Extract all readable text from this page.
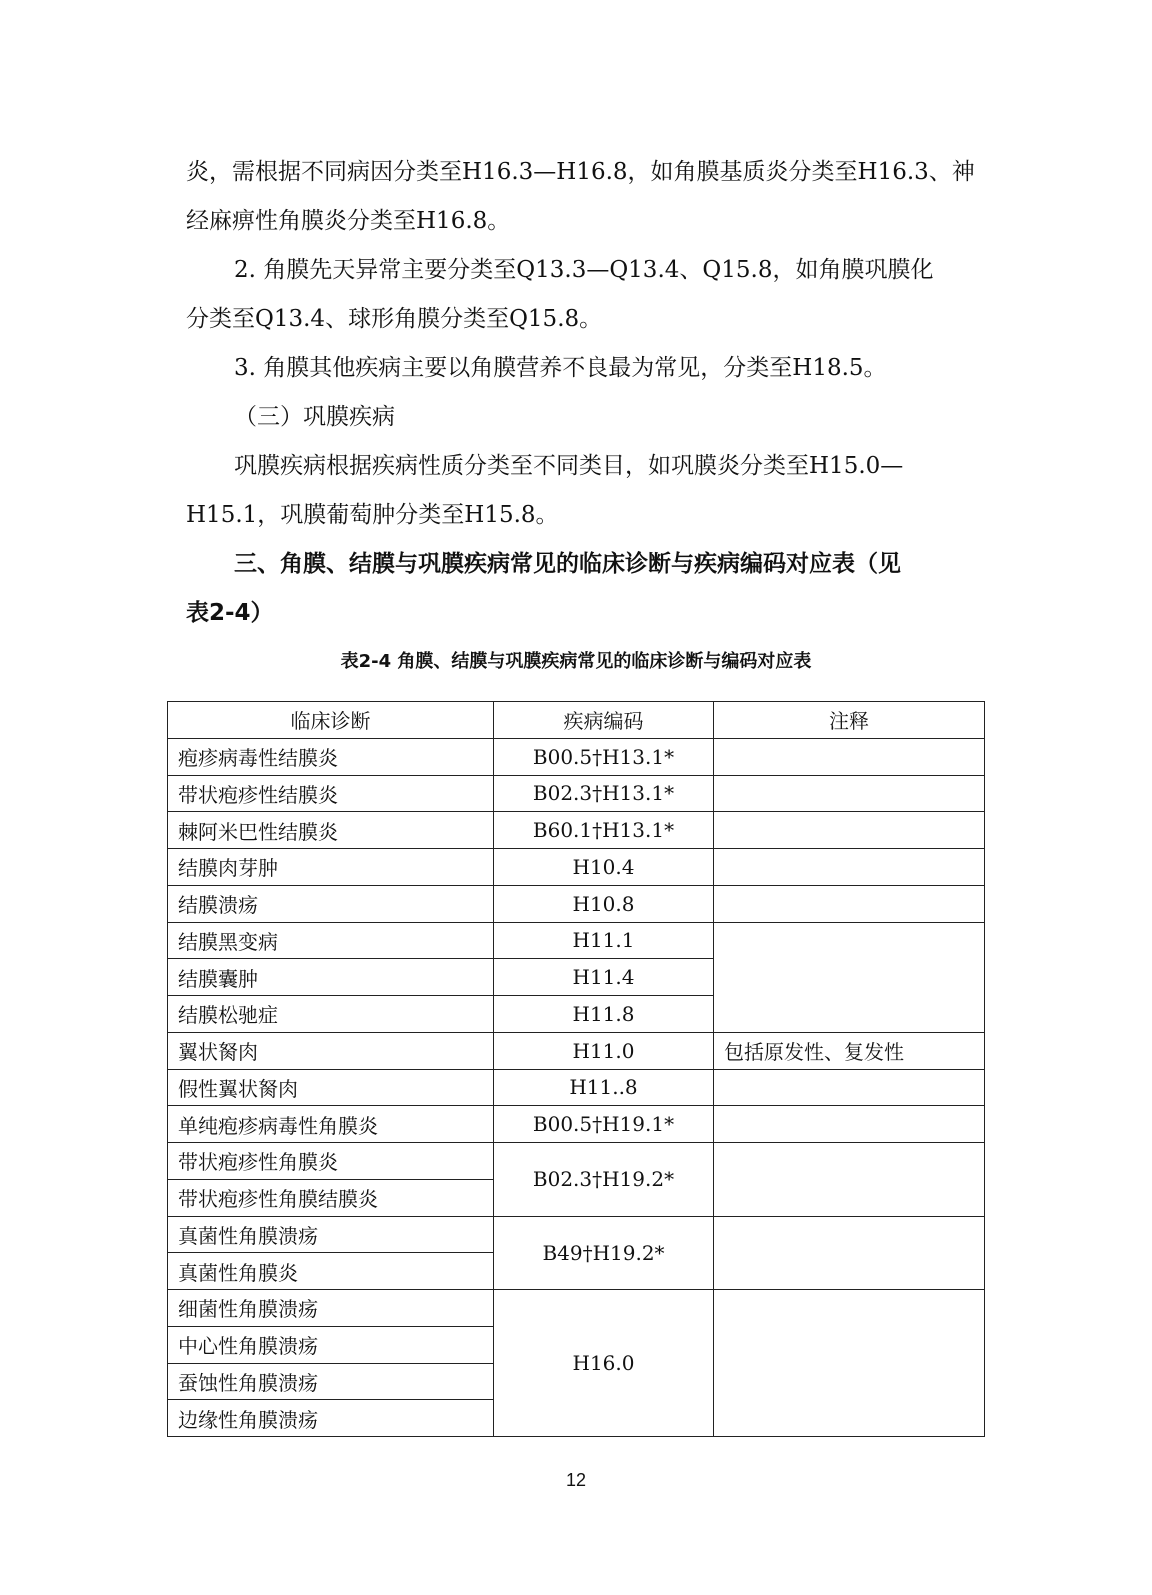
炎，需根据不同病因分类至H16.3—H16.8，如角膜基质炎分类至H16.3、神
经麻痹性角膜炎分类至H16.8。
2. 角膜先天异常主要分类至Q13.3—Q13.4、Q15.8，如角膜巩膜化
分类至Q13.4、球形角膜分类至Q15.8。
3. 角膜其他疾病主要以角膜营养不良最为常见，分类至H18.5。
（三）巩膜疾病
巩膜疾病根据疾病性质分类至不同类目，如巩膜炎分类至H15.0—
H15.1，巩膜葡萄肿分类至H15.8。
三、角膜、结膜与巩膜疾病常见的临床诊断与疾病编码对应表（见
表2-4）
表2-4 角膜、结膜与巩膜疾病常见的临床诊断与编码对应表
临床诊断	疾病编码	注释
疱疹病毒性结膜炎	B00.5†H13.1*	
带状疱疹性结膜炎	B02.3†H13.1*	
棘阿米巴性结膜炎	B60.1†H13.1*	
结膜肉芽肿	H10.4	
结膜溃疡	H10.8	
结膜黑变病	H11.1	
结膜囊肿	H11.4	
结膜松驰症	H11.8	
翼状胬肉	H11.0	包括原发性、复发性
假性翼状胬肉	H11..8	
单纯疱疹病毒性角膜炎	B00.5†H19.1*	
带状疱疹性角膜炎	B02.3†H19.2*	
带状疱疹性角膜结膜炎		
真菌性角膜溃疡	B49†H19.2*	
真菌性角膜炎		
细菌性角膜溃疡	H16.0	
中心性角膜溃疡		
蚕蚀性角膜溃疡		
边缘性角膜溃疡		
12
